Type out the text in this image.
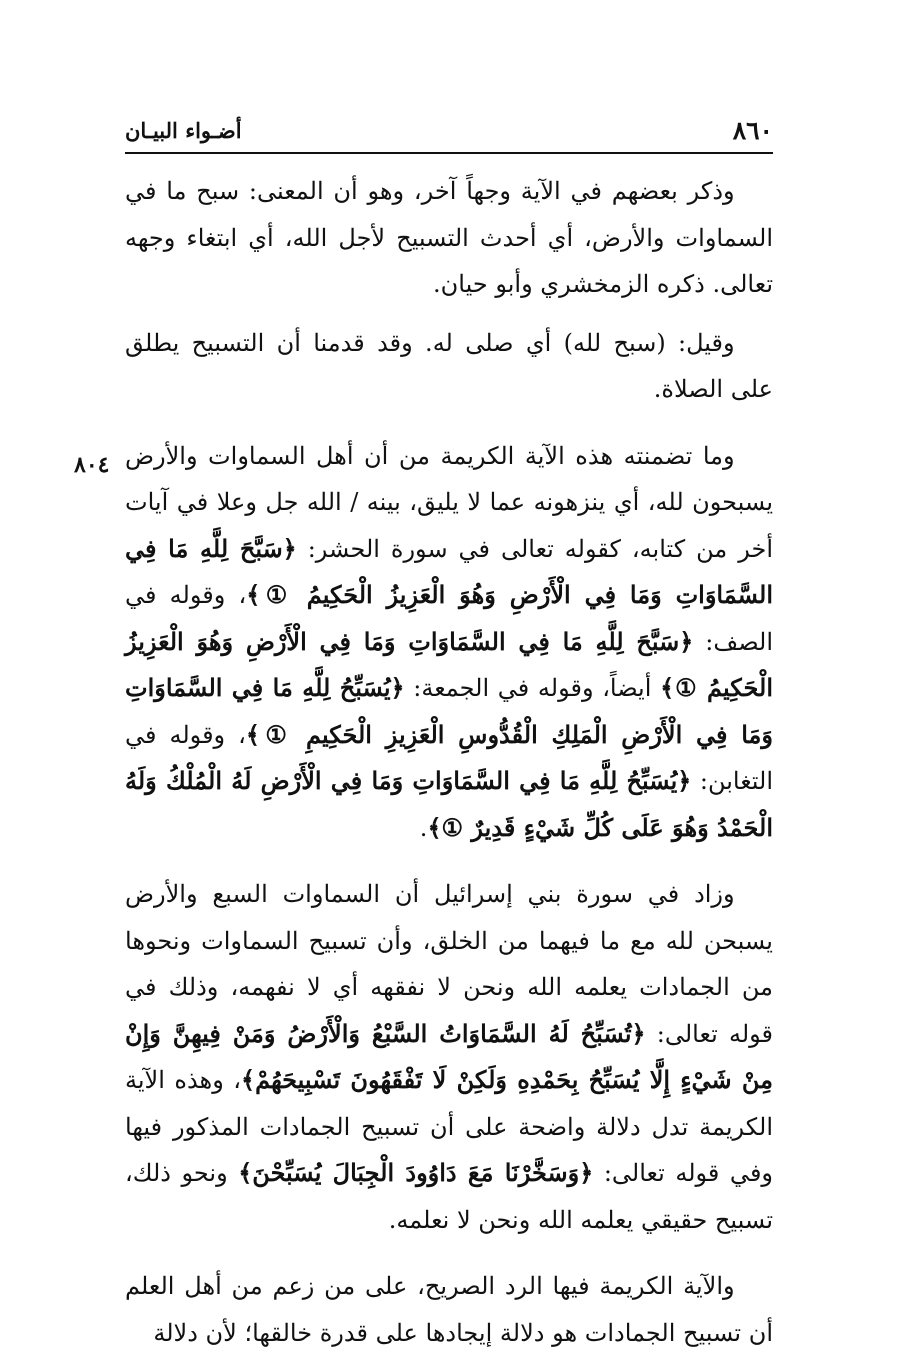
٨٦٠
أضـواء البيـان
٨٠٤

وذكر بعضهم في الآية وجهاً آخر، وهو أن المعنى: سبح ما في السماوات والأرض، أي أحدث التسبيح لأجل الله، أي ابتغاء وجهه تعالى. ذكره الزمخشري وأبو حيان.

وقيل: (سبح لله) أي صلى له. وقد قدمنا أن التسبيح يطلق على الصلاة.

وما تضمنته هذه الآية الكريمة من أن أهل السماوات والأرض يسبحون لله، أي ينزهونه عما لا يليق، بينه / الله جل وعلا في آيات أخر من كتابه، كقوله تعالى في سورة الحشر: ﴿سَبَّحَ لِلَّهِ مَا فِي السَّمَاوَاتِ وَمَا فِي الْأَرْضِ وَهُوَ الْعَزِيزُ الْحَكِيمُ ①﴾، وقوله في الصف: ﴿سَبَّحَ لِلَّهِ مَا فِي السَّمَاوَاتِ وَمَا فِي الْأَرْضِ وَهُوَ الْعَزِيزُ الْحَكِيمُ ①﴾ أيضاً، وقوله في الجمعة: ﴿يُسَبِّحُ لِلَّهِ مَا فِي السَّمَاوَاتِ وَمَا فِي الْأَرْضِ الْمَلِكِ الْقُدُّوسِ الْعَزِيزِ الْحَكِيمِ ①﴾، وقوله في التغابن: ﴿يُسَبِّحُ لِلَّهِ مَا فِي السَّمَاوَاتِ وَمَا فِي الْأَرْضِ لَهُ الْمُلْكُ وَلَهُ الْحَمْدُ وَهُوَ عَلَى كُلِّ شَيْءٍ قَدِيرٌ ①﴾.

وزاد في سورة بني إسرائيل أن السماوات السبع والأرض يسبحن لله مع ما فيهما من الخلق، وأن تسبيح السماوات ونحوها من الجمادات يعلمه الله ونحن لا نفقهه أي لا نفهمه، وذلك في قوله تعالى: ﴿تُسَبِّحُ لَهُ السَّمَاوَاتُ السَّبْعُ وَالْأَرْضُ وَمَنْ فِيهِنَّ وَإِنْ مِنْ شَيْءٍ إِلَّا يُسَبِّحُ بِحَمْدِهِ وَلَكِنْ لَا تَفْقَهُونَ تَسْبِيحَهُمْ﴾، وهذه الآية الكريمة تدل دلالة واضحة على أن تسبيح الجمادات المذكور فيها وفي قوله تعالى: ﴿وَسَخَّرْنَا مَعَ دَاوُودَ الْجِبَالَ يُسَبِّحْنَ﴾ ونحو ذلك، تسبيح حقيقي يعلمه الله ونحن لا نعلمه.

والآية الكريمة فيها الرد الصريح، على من زعم من أهل العلم أن تسبيح الجمادات هو دلالة إيجادها على قدرة خالقها؛ لأن دلالة
